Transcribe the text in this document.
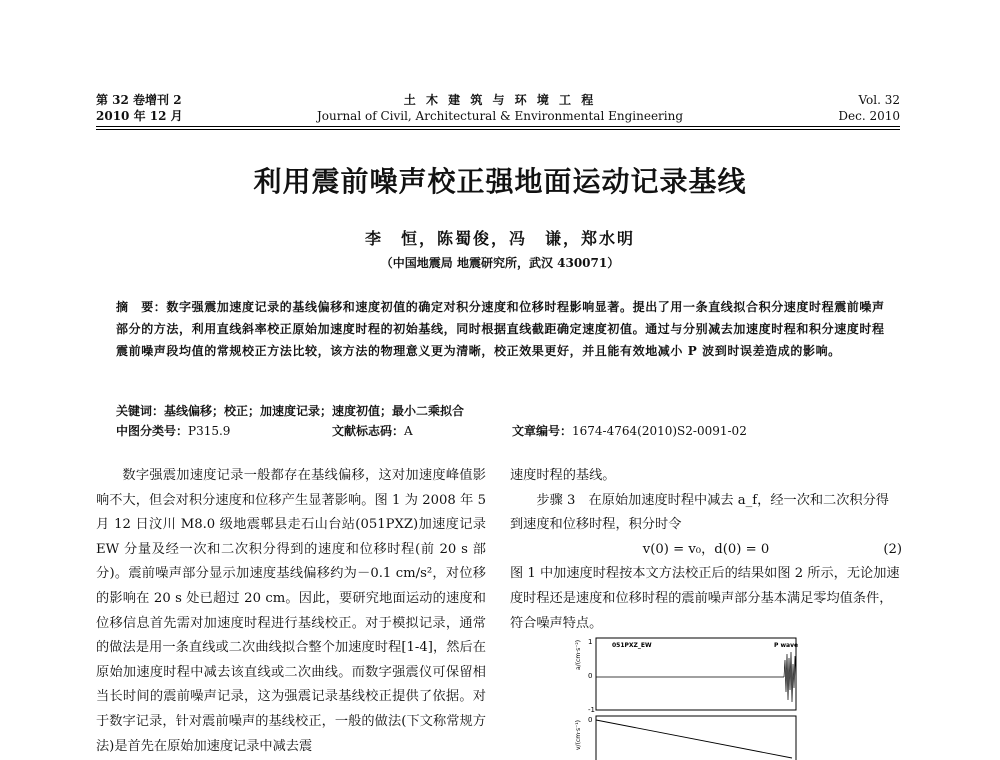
第 32 卷增刊 2
2010 年 12 月
土 木 建 筑 与 环 境 工 程
Journal of Civil, Architectural & Environmental Engineering
Vol. 32
Dec. 2010
利用震前噪声校正强地面运动记录基线
李　恒，陈蜀俊，冯　谦，郑水明
（中国地震局 地震研究所，武汉 430071）
摘　要：数字强震加速度记录的基线偏移和速度初值的确定对积分速度和位移时程影响显著。提出了用一条直线拟合积分速度时程震前噪声部分的方法，利用直线斜率校正原始加速度时程的初始基线，同时根据直线截距确定速度初值。通过与分别减去加速度时程和积分速度时程震前噪声段均值的常规校正方法比较，该方法的物理意义更为清晰，校正效果更好，并且能有效地减小 P 波到时误差造成的影响。
关键词：基线偏移；校正；加速度记录；速度初值；最小二乘拟合
中图分类号：P315.9	文献标志码：A	文章编号：1674-4764(2010)S2-0091-02

数字强震加速度记录一般都存在基线偏移，这对加速度峰值影响不大，但会对积分速度和位移产生显著影响。图 1 为 2008 年 5 月 12 日汶川 M8.0 级地震郫县走石山台站(051PXZ)加速度记录 EW 分量及经一次和二次积分得到的速度和位移时程(前 20 s 部分)。震前噪声部分显示加速度基线偏移约为－0.1 cm/s²，对位移的影响在 20 s 处已超过 20 cm。因此，要研究地面运动的速度和位移信息首先需对加速度时程进行基线校正。对于模拟记录，通常的做法是用一条直线或二次曲线拟合整个加速度时程[1-4]，然后在原始加速度时程中减去该直线或二次曲线。而数字强震仪可保留相当长时间的震前噪声记录，这为强震记录基线校正提供了依据。对于数字记录，针对震前噪声的基线校正，一般的做法(下文称常规方法)是首先在原始加速度记录中减去震

速度时程的基线。

步骤 3　在原始加速度时程中减去 a_f，经一次和二次积分得到速度和位移时程，积分时令

v(0) = v₀，d(0) = 0	(2)

图 1 中加速度时程按本文方法校正后的结果如图 2 所示，无论加速度时程还是速度和位移时程的震前噪声部分基本满足零均值条件，符合噪声特点。

1
0
-1
a/(cm·s⁻²)	051PXZ_EW	P wave
0
v/(cm·s⁻¹)
